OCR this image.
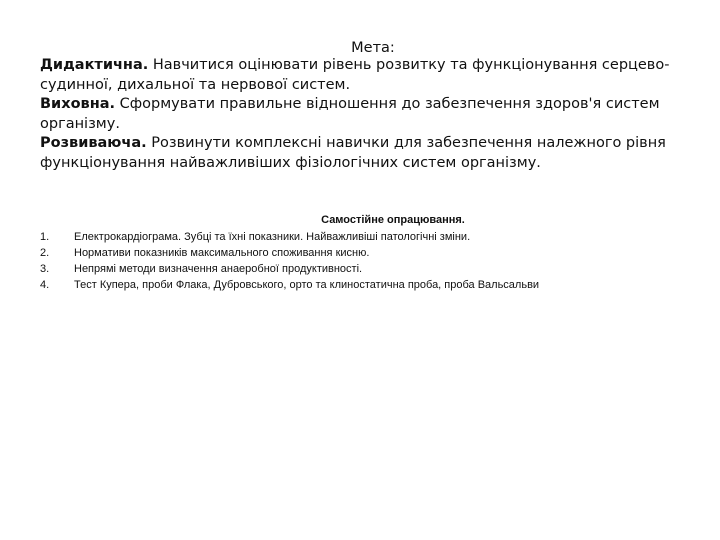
Мета:

Дидактична. Навчитися оцінювати рівень розвитку та функціонування серцево-судинної, дихальної та нервової систем.

Виховна. Сформувати правильне відношення до забезпечення здоров'я систем організму.

Розвиваюча. Розвинути комплексні навички для забезпечення належного рівня функціонування найважливіших фізіологічних систем організму.

Самостійне опрацювання.
1.	Електрокардіограма. Зубці та їхні показники. Найважливіші патологічні зміни.
2.	Нормативи показників максимального споживання кисню.
3.	Непрямі методи визначення анаеробної продуктивності.
4.	Тест Купера, проби Флака, Дубровського, орто та клиностатична проба, проба Вальсальви
